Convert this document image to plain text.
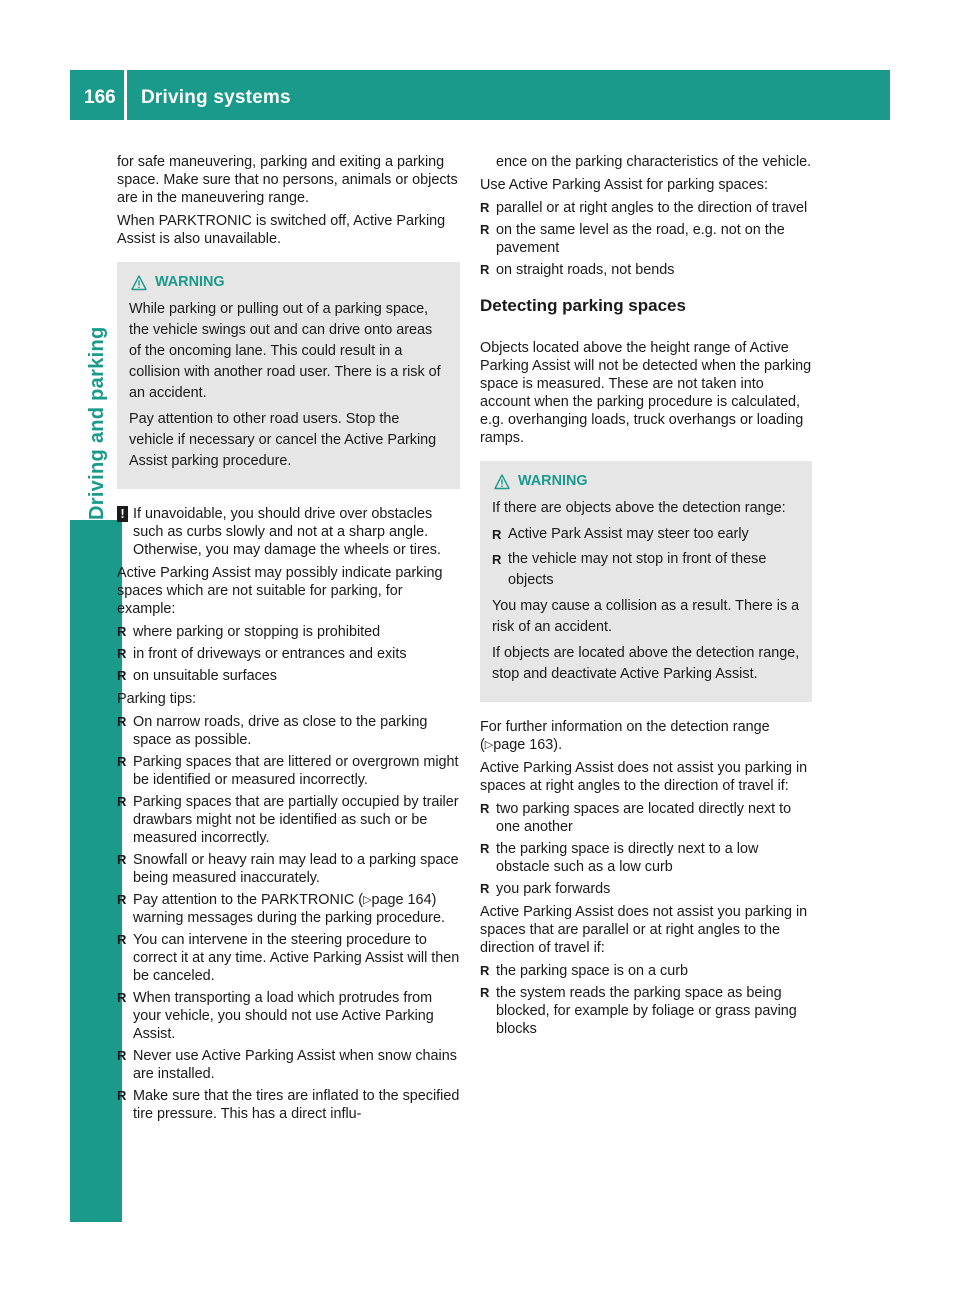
166 Driving systems
Driving and parking

for safe maneuvering, parking and exiting a parking space. Make sure that no persons, animals or objects are in the maneuvering range.

When PARKTRONIC is switched off, Active Parking Assist is also unavailable.

WARNING

While parking or pulling out of a parking space, the vehicle swings out and can drive onto areas of the oncoming lane. This could result in a collision with another road user. There is a risk of an accident.

Pay attention to other road users. Stop the vehicle if necessary or cancel the Active Parking Assist parking procedure.

! If unavoidable, you should drive over obstacles such as curbs slowly and not at a sharp angle. Otherwise, you may damage the wheels or tires.

Active Parking Assist may possibly indicate parking spaces which are not suitable for parking, for example:

R where parking or stopping is prohibited
R in front of driveways or entrances and exits
R on unsuitable surfaces

Parking tips:

R On narrow roads, drive as close to the parking space as possible.
R Parking spaces that are littered or overgrown might be identified or measured incorrectly.
R Parking spaces that are partially occupied by trailer drawbars might not be identified as such or be measured incorrectly.
R Snowfall or heavy rain may lead to a parking space being measured inaccurately.
R Pay attention to the PARKTRONIC (▷page 164) warning messages during the parking procedure.
R You can intervene in the steering procedure to correct it at any time. Active Parking Assist will then be canceled.
R When transporting a load which protrudes from your vehicle, you should not use Active Parking Assist.
R Never use Active Parking Assist when snow chains are installed.
R Make sure that the tires are inflated to the specified tire pressure. This has a direct influ-

ence on the parking characteristics of the vehicle.

Use Active Parking Assist for parking spaces:

R parallel or at right angles to the direction of travel
R on the same level as the road, e.g. not on the pavement
R on straight roads, not bends
Detecting parking spaces

Objects located above the height range of Active Parking Assist will not be detected when the parking space is measured. These are not taken into account when the parking procedure is calculated, e.g. overhanging loads, truck overhangs or loading ramps.

WARNING

If there are objects above the detection range:

R Active Park Assist may steer too early
R the vehicle may not stop in front of these objects

You may cause a collision as a result. There is a risk of an accident.

If objects are located above the detection range, stop and deactivate Active Parking Assist.

For further information on the detection range (▷page 163).

Active Parking Assist does not assist you parking in spaces at right angles to the direction of travel if:

R two parking spaces are located directly next to one another
R the parking space is directly next to a low obstacle such as a low curb
R you park forwards

Active Parking Assist does not assist you parking in spaces that are parallel or at right angles to the direction of travel if:

R the parking space is on a curb
R the system reads the parking space as being blocked, for example by foliage or grass paving blocks
